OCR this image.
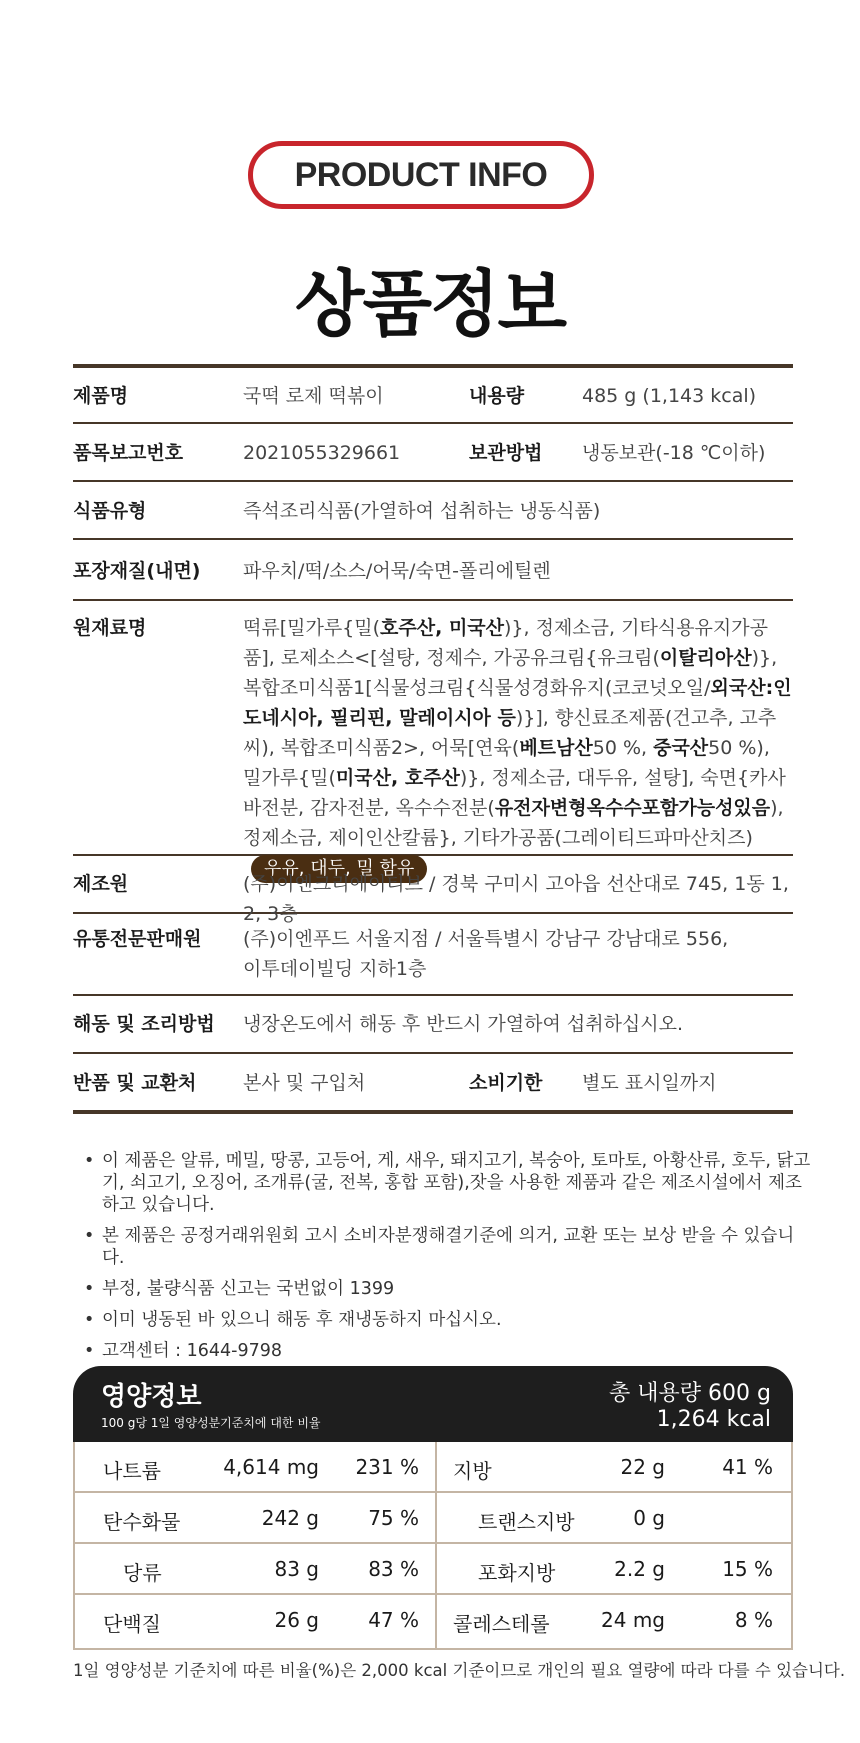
PRODUCT INFO
상품정보
제품명	국떡 로제 떡볶이	내용량	485 g (1,143 kcal)
품목보고번호	2021055329661	보관방법	냉동보관(-18 ℃이하)
식품유형	즉석조리식품(가열하여 섭취하는 냉동식품)
포장재질(내면)	파우치/떡/소스/어묵/숙면-폴리에틸렌
원재료명	떡류[밀가루{밀(호주산, 미국산)}, 정제소금, 기타식용유지가공품], 로제소스<[설탕, 정제수, 가공유크림{유크림(이탈리아산)}, 복합조미식품1[식물성크림{식물성경화유지(코코넛오일/외국산:인도네시아, 필리핀, 말레이시아 등)}], 향신료조제품(건고추, 고추씨), 복합조미식품2>, 어묵[연육(베트남산50 %, 중국산50 %), 밀가루{밀(미국산, 호주산)}, 정제소금, 대두유, 설탕], 숙면{카사바전분, 감자전분, 옥수수전분(유전자변형옥수수포함가능성있음), 정제소금, 제이인산칼륨}, 기타가공품(그레이티드파마산치즈)우유, 대두, 밀 함유
제조원	(주)이엔크리에이티브 / 경북 구미시 고아읍 선산대로 745, 1동 1, 2, 3층
유통전문판매원	(주)이엔푸드 서울지점 / 서울특별시 강남구 강남대로 556,
이투데이빌딩 지하1층
해동 및 조리방법	냉장온도에서 해동 후 반드시 가열하여 섭취하십시오.
반품 및 교환처	본사 및 구입처	소비기한	별도 표시일까지
• 이 제품은 알류, 메밀, 땅콩, 고등어, 게, 새우, 돼지고기, 복숭아, 토마토, 아황산류, 호두, 닭고기, 쇠고기, 오징어, 조개류(굴, 전복, 홍합 포함),잣을 사용한 제품과 같은 제조시설에서 제조하고 있습니다.
• 본 제품은 공정거래위원회 고시 소비자분쟁해결기준에 의거, 교환 또는 보상 받을 수 있습니다.
• 부정, 불량식품 신고는 국번없이 1399
• 이미 냉동된 바 있으니 해동 후 재냉동하지 마십시오.
• 고객센터 : 1644-9798
영양정보
100 g당 1일 영양성분기준치에 대한 비율
총 내용량 600 g
1,264 kcal
나트륨	4,614 mg 231 % 지방	22 g	41 %
탄수화물	242 g 75 %	트랜스지방	0 g
당류	83 g 83 %	포화지방	2.2 g	15 %
단백질	26 g 47 % 콜레스테롤	24 mg	8 %
1일 영양성분 기준치에 따른 비율(%)은 2,000 kcal 기준이므로 개인의 필요 열량에 따라 다를 수 있습니다.
